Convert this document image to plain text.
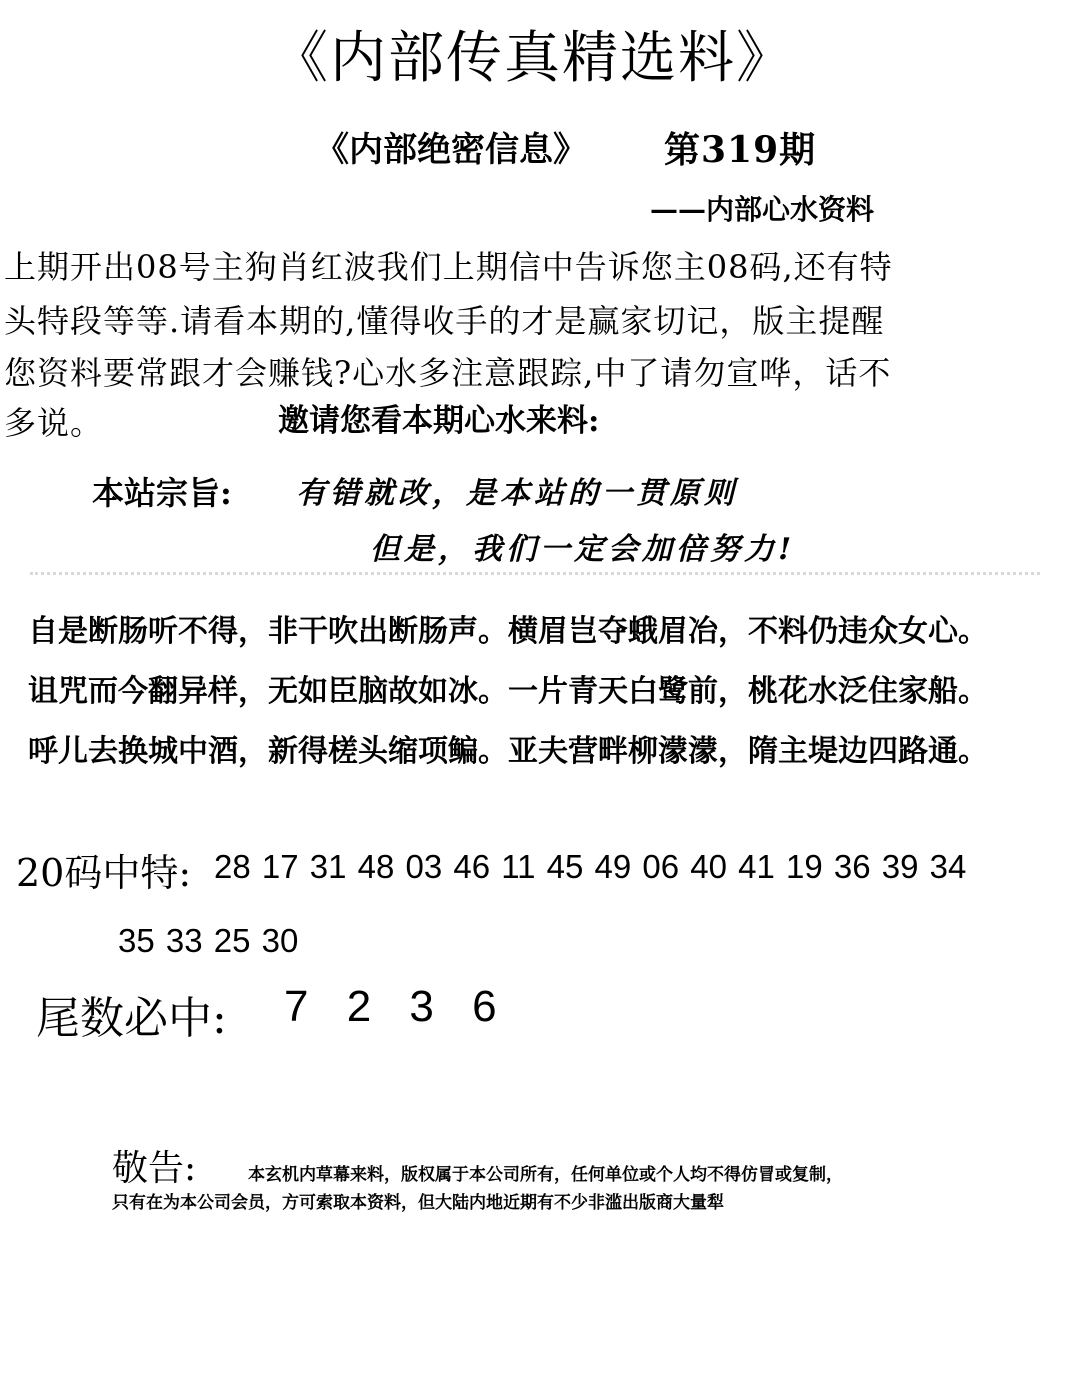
《内部传真精选料》
《内部绝密信息》 第319期
——内部心水资料
上期开出08号主狗肖红波我们上期信中告诉您主08码,还有特
头特段等等.请看本期的,懂得收手的才是赢家切记，版主提醒
您资料要常跟才会赚钱?心水多注意跟踪,中了请勿宣哗，话不
多说。	邀请您看本期心水来料:
本站宗旨: 有错就改，是本站的一贯原则
但是，我们一定会加倍努力!
自是断肠听不得，非干吹出断肠声。横眉岂夺蛾眉冶，不料仍违众女心。
诅咒而今翻异样，无如臣脑故如冰。一片青天白鹭前，桃花水泛住家船。
呼儿去换城中酒，新得槎头缩项鳊。亚夫营畔柳濛濛，隋主堤边四路通。
20码中特: 28 17 31 48 03 46 11 45 49 06 40 41 19 36 39 34
35 33 25 30
尾数必中: 7 2 3 6
敬告:	本玄机内草幕来料，版权属于本公司所有，任何单位或个人均不得仿冒或复制，
只有在为本公司会员，方可索取本资料，但大陆内地近期有不少非滥出版商大量犁
